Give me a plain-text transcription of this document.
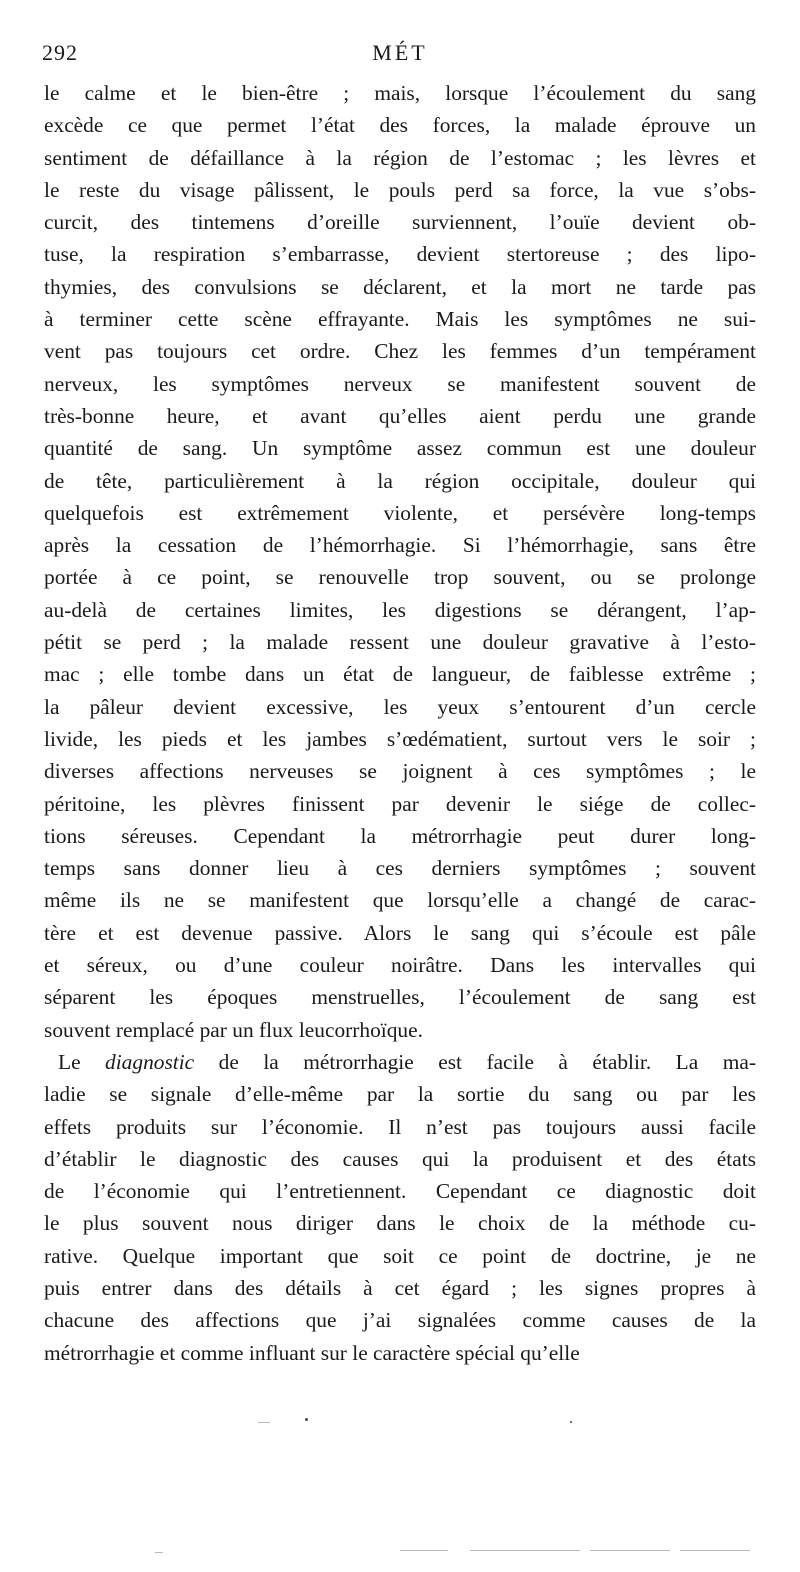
292	MÉT
le calme et le bien-être ; mais, lorsque l’écoulement du sang
excède ce que permet l’état des forces, la malade éprouve un
sentiment de défaillance à la région de l’estomac ; les lèvres et
le reste du visage pâlissent, le pouls perd sa force, la vue s’obs-
curcit, des tintemens d’oreille surviennent, l’ouïe devient ob-
tuse, la respiration s’embarrasse, devient stertoreuse ; des lipo-
thymies, des convulsions se déclarent, et la mort ne tarde pas
à terminer cette scène effrayante. Mais les symptômes ne sui-
vent pas toujours cet ordre. Chez les femmes d’un tempérament
nerveux, les symptômes nerveux se manifestent souvent de
très-bonne heure, et avant qu’elles aient perdu une grande
quantité de sang. Un symptôme assez commun est une douleur
de tête, particulièrement à la région occipitale, douleur qui
quelquefois est extrêmement violente, et persévère long-temps
après la cessation de l’hémorrhagie. Si l’hémorrhagie, sans être
portée à ce point, se renouvelle trop souvent, ou se prolonge
au-delà de certaines limites, les digestions se dérangent, l’ap-
pétit se perd ; la malade ressent une douleur gravative à l’esto-
mac ; elle tombe dans un état de langueur, de faiblesse extrême ;
la pâleur devient excessive, les yeux s’entourent d’un cercle
livide, les pieds et les jambes s’œdématient, surtout vers le soir ;
diverses affections nerveuses se joignent à ces symptômes ; le
péritoine, les plèvres finissent par devenir le siége de collec-
tions séreuses. Cependant la métrorrhagie peut durer long-
temps sans donner lieu à ces derniers symptômes ; souvent
même ils ne se manifestent que lorsqu’elle a changé de carac-
tère et est devenue passive. Alors le sang qui s’écoule est pâle
et séreux, ou d’une couleur noirâtre. Dans les intervalles qui
séparent les époques menstruelles, l’écoulement de sang est
souvent remplacé par un flux leucorrhoïque.
Le diagnostic de la métrorrhagie est facile à établir. La ma-
ladie se signale d’elle-même par la sortie du sang ou par les
effets produits sur l’économie. Il n’est pas toujours aussi facile
d’établir le diagnostic des causes qui la produisent et des états
de l’économie qui l’entretiennent. Cependant ce diagnostic doit
le plus souvent nous diriger dans le choix de la méthode cu-
rative. Quelque important que soit ce point de doctrine, je ne
puis entrer dans des détails à cet égard ; les signes propres à
chacune des affections que j’ai signalées comme causes de la
métrorrhagie et comme influant sur le caractère spécial qu’elle
